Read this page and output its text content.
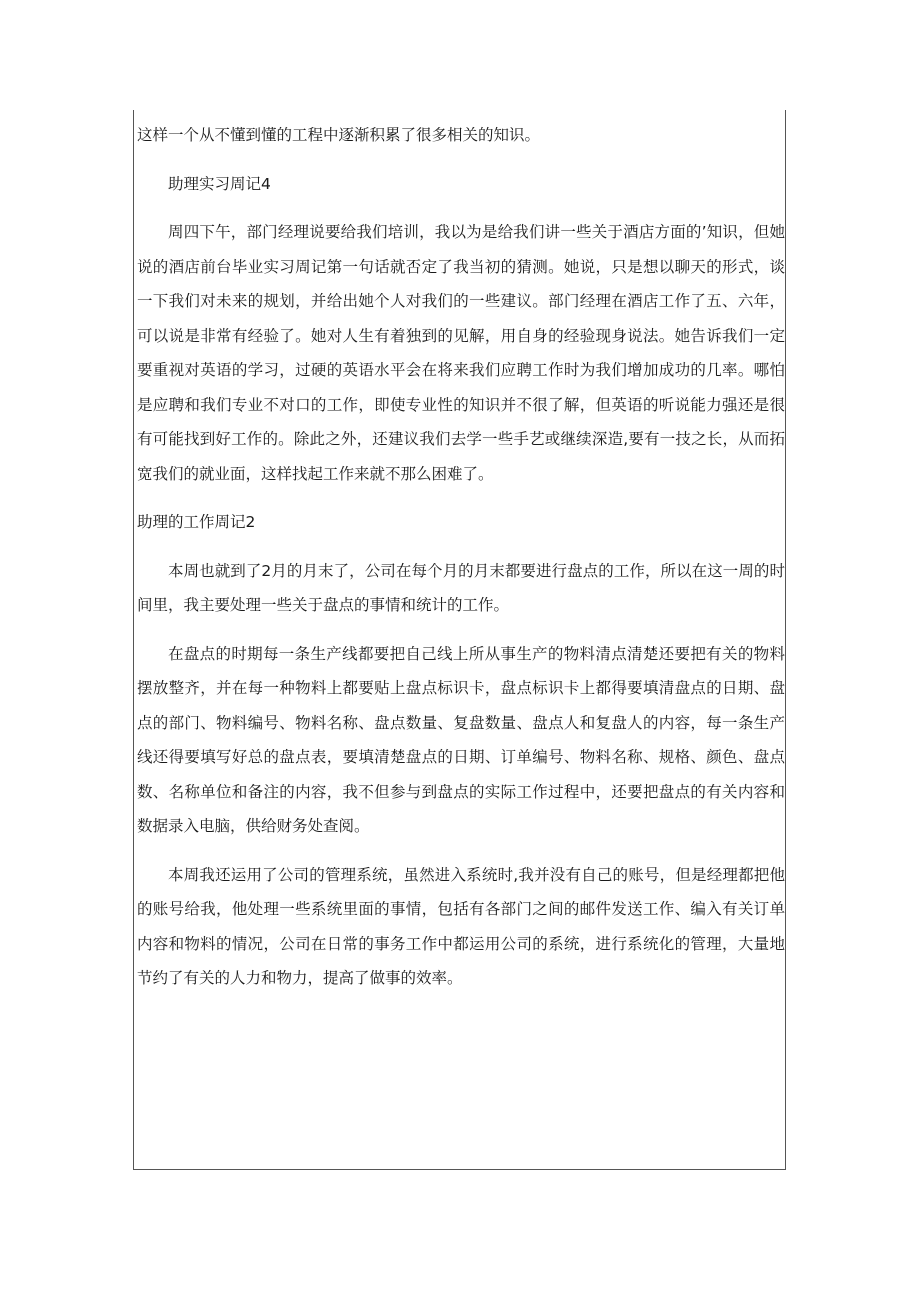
这样一个从不懂到懂的工程中逐渐积累了很多相关的知识。

助理实习周记4

周四下午，部门经理说要给我们培训，我以为是给我们讲一些关于酒店方面的’知识，但她说的酒店前台毕业实习周记第一句话就否定了我当初的猜测。她说，只是想以聊天的形式，谈一下我们对未来的规划，并给出她个人对我们的一些建议。部门经理在酒店工作了五、六年，可以说是非常有经验了。她对人生有着独到的见解，用自身的经验现身说法。她告诉我们一定要重视对英语的学习，过硬的英语水平会在将来我们应聘工作时为我们增加成功的几率。哪怕是应聘和我们专业不对口的工作，即使专业性的知识并不很了解，但英语的听说能力强还是很有可能找到好工作的。除此之外，还建议我们去学一些手艺或继续深造,要有一技之长，从而拓宽我们的就业面，这样找起工作来就不那么困难了。

助理的工作周记2

本周也就到了2月的月末了，公司在每个月的月末都要进行盘点的工作，所以在这一周的时间里，我主要处理一些关于盘点的事情和统计的工作。

在盘点的时期每一条生产线都要把自己线上所从事生产的物料清点清楚还要把有关的物料摆放整齐，并在每一种物料上都要贴上盘点标识卡，盘点标识卡上都得要填清盘点的日期、盘点的部门、物料编号、物料名称、盘点数量、复盘数量、盘点人和复盘人的内容，每一条生产线还得要填写好总的盘点表，要填清楚盘点的日期、订单编号、物料名称、规格、颜色、盘点数、名称单位和备注的内容，我不但参与到盘点的实际工作过程中，还要把盘点的有关内容和数据录入电脑，供给财务处查阅。

本周我还运用了公司的管理系统，虽然进入系统时,我并没有自己的账号，但是经理都把他的账号给我，他处理一些系统里面的事情，包括有各部门之间的邮件发送工作、编入有关订单内容和物料的情况，公司在日常的事务工作中都运用公司的系统，进行系统化的管理，大量地节约了有关的人力和物力，提高了做事的效率。
